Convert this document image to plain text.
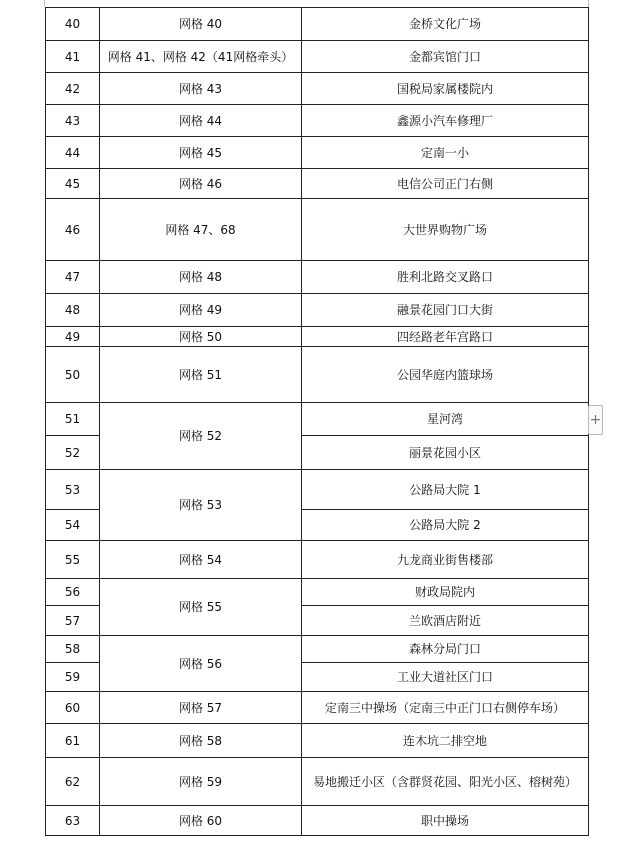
40	网格 40	金桥文化广场
41	网格 41、网格 42（41网格牵头）	金都宾馆门口
42	网格 43	国税局家属楼院内
43	网格 44	鑫源小汽车修理厂
44	网格 45	定南一小
45	网格 46	电信公司正门右侧
46	网格 47、68	大世界购物广场
47	网格 48	胜利北路交叉路口
48	网格 49	融景花园门口大街
49	网格 50	四经路老年宫路口
50	网格 51	公园华庭内篮球场
51	网格 52	星河湾
52		丽景花园小区
53	网格 53	公路局大院 1
54		公路局大院 2
55	网格 54	九龙商业街售楼部
56	网格 55	财政局院内
57		兰欧酒店附近
58	网格 56	森林分局门口
59		工业大道社区门口
60	网格 57	定南三中操场（定南三中正门口右侧停车场）
61	网格 58	连木坑二排空地
62	网格 59	易地搬迁小区（含群贤花园、阳光小区、榕树苑）
63	网格 60	职中操场
+
